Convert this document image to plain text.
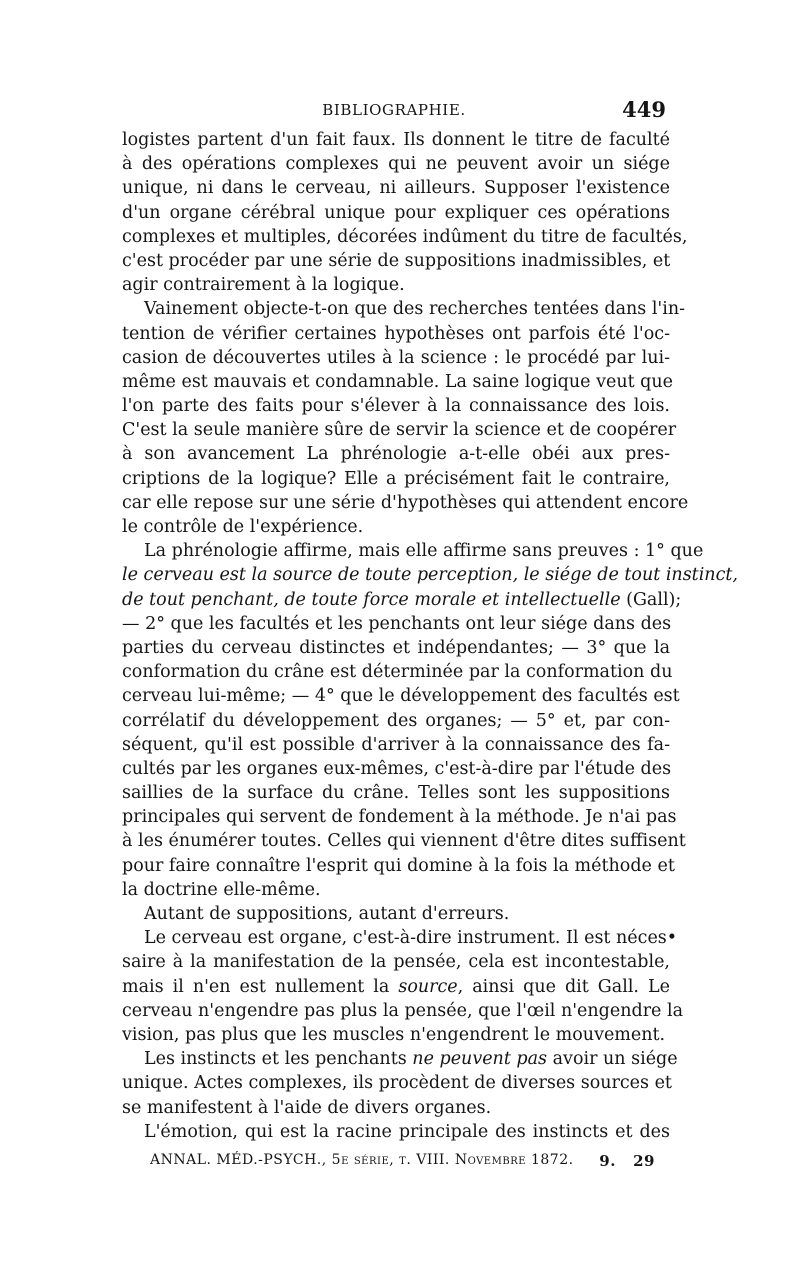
BIBLIOGRAPHIE.	449
logistes partent d'un fait faux. Ils donnent le titre de faculté
à des opérations complexes qui ne peuvent avoir un siége
unique, ni dans le cerveau, ni ailleurs. Supposer l'existence
d'un organe cérébral unique pour expliquer ces opérations
complexes et multiples, décorées indûment du titre de facultés,
c'est procéder par une série de suppositions inadmissibles, et
agir contrairement à la logique.
Vainement objecte-t-on que des recherches tentées dans l'in-
tention de vérifier certaines hypothèses ont parfois été l'oc-
casion de découvertes utiles à la science : le procédé par lui-
même est mauvais et condamnable. La saine logique veut que
l'on parte des faits pour s'élever à la connaissance des lois.
C'est la seule manière sûre de servir la science et de coopérer
à son avancement La phrénologie a-t-elle obéi aux pres-
criptions de la logique? Elle a précisément fait le contraire,
car elle repose sur une série d'hypothèses qui attendent encore
le contrôle de l'expérience.
La phrénologie affirme, mais elle affirme sans preuves : 1° que
le cerveau est la source de toute perception, le siége de tout instinct,
de tout penchant, de toute force morale et intellectuelle (Gall);
— 2° que les facultés et les penchants ont leur siége dans des
parties du cerveau distinctes et indépendantes; — 3° que la
conformation du crâne est déterminée par la conformation du
cerveau lui-même; — 4° que le développement des facultés est
corrélatif du développement des organes; — 5° et, par con-
séquent, qu'il est possible d'arriver à la connaissance des fa-
cultés par les organes eux-mêmes, c'est-à-dire par l'étude des
saillies de la surface du crâne. Telles sont les suppositions
principales qui servent de fondement à la méthode. Je n'ai pas
à les énumérer toutes. Celles qui viennent d'être dites suffisent
pour faire connaître l'esprit qui domine à la fois la méthode et
la doctrine elle-même.
Autant de suppositions, autant d'erreurs.
Le cerveau est organe, c'est-à-dire instrument. Il est néces•
saire à la manifestation de la pensée, cela est incontestable,
mais il n'en est nullement la source, ainsi que dit Gall. Le
cerveau n'engendre pas plus la pensée, que l'œil n'engendre la
vision, pas plus que les muscles n'engendrent le mouvement.
Les instincts et les penchants ne peuvent pas avoir un siége
unique. Actes complexes, ils procèdent de diverses sources et
se manifestent à l'aide de divers organes.
L'émotion, qui est la racine principale des instincts et des
ANNAL. MÉD.-PSYCH., 5e série, t. VIII. Novembre 1872. 9. 29
